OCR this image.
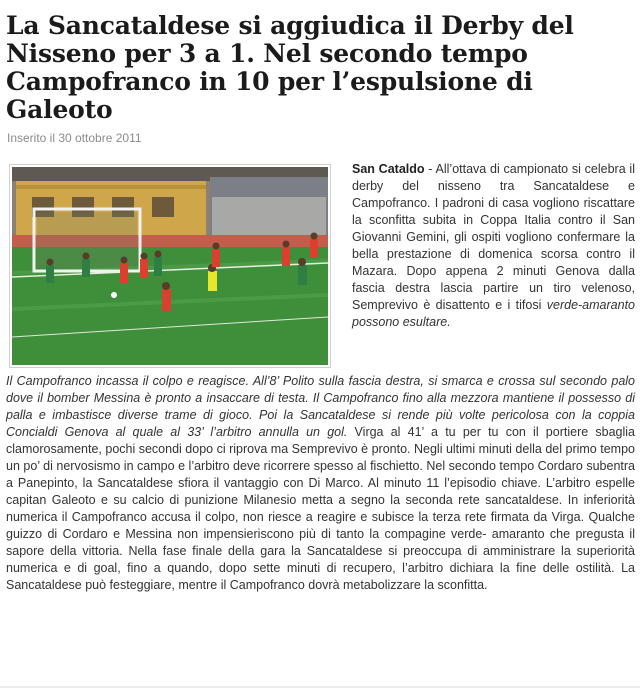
La Sancataldese si aggiudica il Derby del Nisseno per 3 a 1. Nel secondo tempo Campofranco in 10 per l’espulsione di Galeoto
Inserito il 30 ottobre 2011
San Cataldo - All’ottava di campionato si celebra il derby del nisseno tra Sancataldese e Campofranco. I padroni di casa vogliono riscattare la sconfitta subita in Coppa Italia contro il San Giovanni Gemini, gli ospiti vogliono confermare la bella prestazione di domenica scorsa contro il Mazara. Dopo appena 2 minuti Genova dalla fascia destra lascia partire un tiro velenoso, Semprevivo è disattento e i tifosi verde-amaranto possono esultare.
Il Campofranco incassa il colpo e reagisce. All’8’ Polito sulla fascia destra, si smarca e crossa sul secondo palo dove il bomber Messina è pronto a insaccare di testa. Il Campofranco fino alla mezzora mantiene il possesso di palla e imbastisce diverse trame di gioco. Poi la Sancataldese si rende più volte pericolosa con la coppia Concialdi Genova al quale al 33’ l’arbitro annulla un gol. Virga al 41’ a tu per tu con il portiere sbaglia clamorosamente, pochi secondi dopo ci riprova ma Semprevivo è pronto. Negli ultimi minuti della del primo tempo un po’ di nervosismo in campo e l’arbitro deve ricorrere spesso al fischietto. Nel secondo tempo Cordaro subentra a Panepinto, la Sancataldese sfiora il vantaggio con Di Marco. Al minuto 11 l’episodio chiave. L’arbitro espelle capitan Galeoto e su calcio di punizione Milanesio metta a segno la seconda rete sancataldese. In inferiorità numerica il Campofranco accusa il colpo, non riesce a reagire e subisce la terza rete firmata da Virga. Qualche guizzo di Cordaro e Messina non impensieriscono più di tanto la compagine verde- amaranto che pregusta il sapore della vittoria. Nella fase finale della gara la Sancataldese si preoccupa di amministrare la superiorità numerica e di goal, fino a quando, dopo sette minuti di recupero, l’arbitro dichiara la fine delle ostilità. La Sancataldese può festeggiare, mentre il Campofranco dovrà metabolizzare la sconfitta.
